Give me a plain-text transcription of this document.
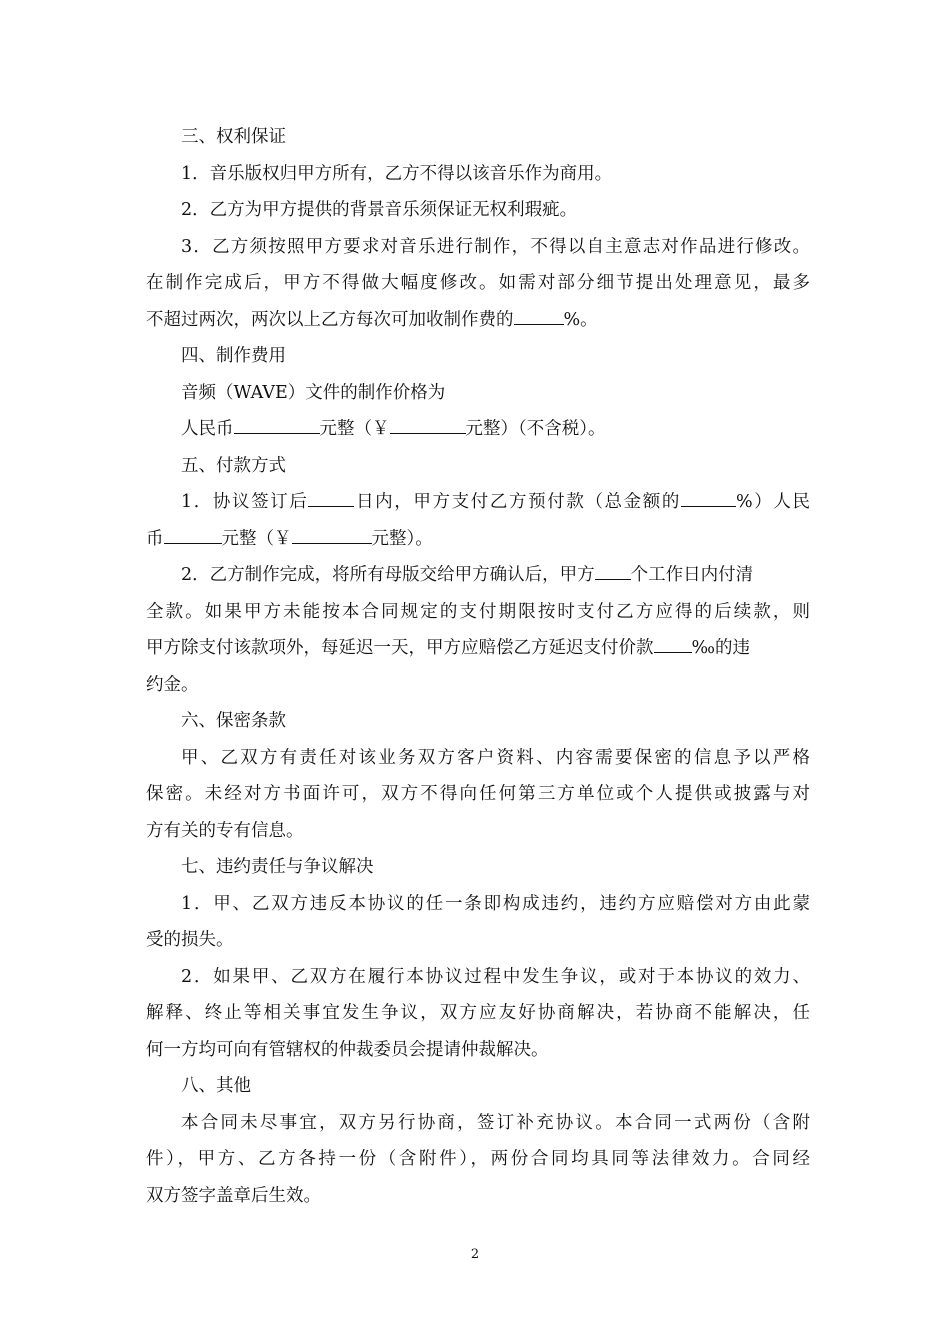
三、权利保证
1．音乐版权归甲方所有，乙方不得以该音乐作为商用。
2．乙方为甲方提供的背景音乐须保证无权利瑕疵。
3．乙方须按照甲方要求对音乐进行制作，不得以自主意志对作品进行修改。
在制作完成后，甲方不得做大幅度修改。如需对部分细节提出处理意见，最多
不超过两次，两次以上乙方每次可加收制作费的	%。
四、制作费用
音频（WAVE）文件的制作价格为
人民币	元整（￥	元整）（不含税）。
五、付款方式
1．协议签订后	日内，甲方支付乙方预付款（总金额的	%）人民
币	元整（￥	元整）。
2．乙方制作完成，将所有母版交给甲方确认后，甲方 个工作日内付清
全款。如果甲方未能按本合同规定的支付期限按时支付乙方应得的后续款，则
甲方除支付该款项外，每延迟一天，甲方应赔偿乙方延迟支付价款 ‰的违
约金。
六、保密条款
甲、乙双方有责任对该业务双方客户资料、内容需要保密的信息予以严格
保密。未经对方书面许可，双方不得向任何第三方单位或个人提供或披露与对
方有关的专有信息。
七、违约责任与争议解决
1．甲、乙双方违反本协议的任一条即构成违约，违约方应赔偿对方由此蒙
受的损失。
2．如果甲、乙双方在履行本协议过程中发生争议，或对于本协议的效力、
解释、终止等相关事宜发生争议，双方应友好协商解决，若协商不能解决，任
何一方均可向有管辖权的仲裁委员会提请仲裁解决。
八、其他
本合同未尽事宜，双方另行协商，签订补充协议。本合同一式两份（含附
件），甲方、乙方各持一份（含附件），两份合同均具同等法律效力。合同经
双方签字盖章后生效。
2
